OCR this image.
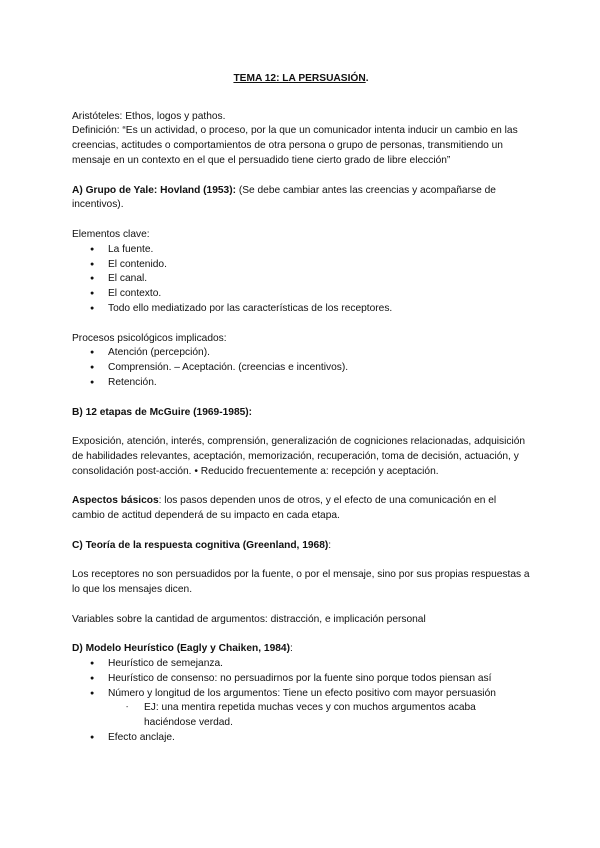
TEMA 12: LA PERSUASIÓN.

Aristóteles: Ethos, logos y pathos.

Definición: “Es un actividad, o proceso, por la que un comunicador intenta inducir un cambio en las creencias, actitudes o comportamientos de otra persona o grupo de personas, transmitiendo un mensaje en un contexto en el que el persuadido tiene cierto grado de libre elección”

A) Grupo de Yale: Hovland (1953): (Se debe cambiar antes las creencias y acompañarse de incentivos).

Elementos clave:

● La fuente.
● El contenido.
● El canal.
● El contexto.
● Todo ello mediatizado por las características de los receptores.

Procesos psicológicos implicados:

● Atención (percepción).
● Comprensión. – Aceptación. (creencias e incentivos).
● Retención.

B) 12 etapas de McGuire (1969-1985):

Exposición, atención, interés, comprensión, generalización de cogniciones relacionadas, adquisición de habilidades relevantes, aceptación, memorización, recuperación, toma de decisión, actuación, y consolidación post-acción. • Reducido frecuentemente a: recepción y aceptación.

Aspectos básicos: los pasos dependen unos de otros, y el efecto de una comunicación en el cambio de actitud dependerá de su impacto en cada etapa.

C) Teoría de la respuesta cognitiva (Greenland, 1968):

Los receptores no son persuadidos por la fuente, o por el mensaje, sino por sus propias respuestas a lo que los mensajes dicen.

Variables sobre la cantidad de argumentos: distracción, e implicación personal

D) Modelo Heurístico (Eagly y Chaiken, 1984):

● Heurístico de semejanza.
● Heurístico de consenso: no persuadirnos por la fuente sino porque todos piensan así
● Número y longitud de los argumentos: Tiene un efecto positivo com mayor persuasión
- EJ: una mentira repetida muchas veces y con muchos argumentos acaba haciéndose verdad.
● Efecto anclaje.
